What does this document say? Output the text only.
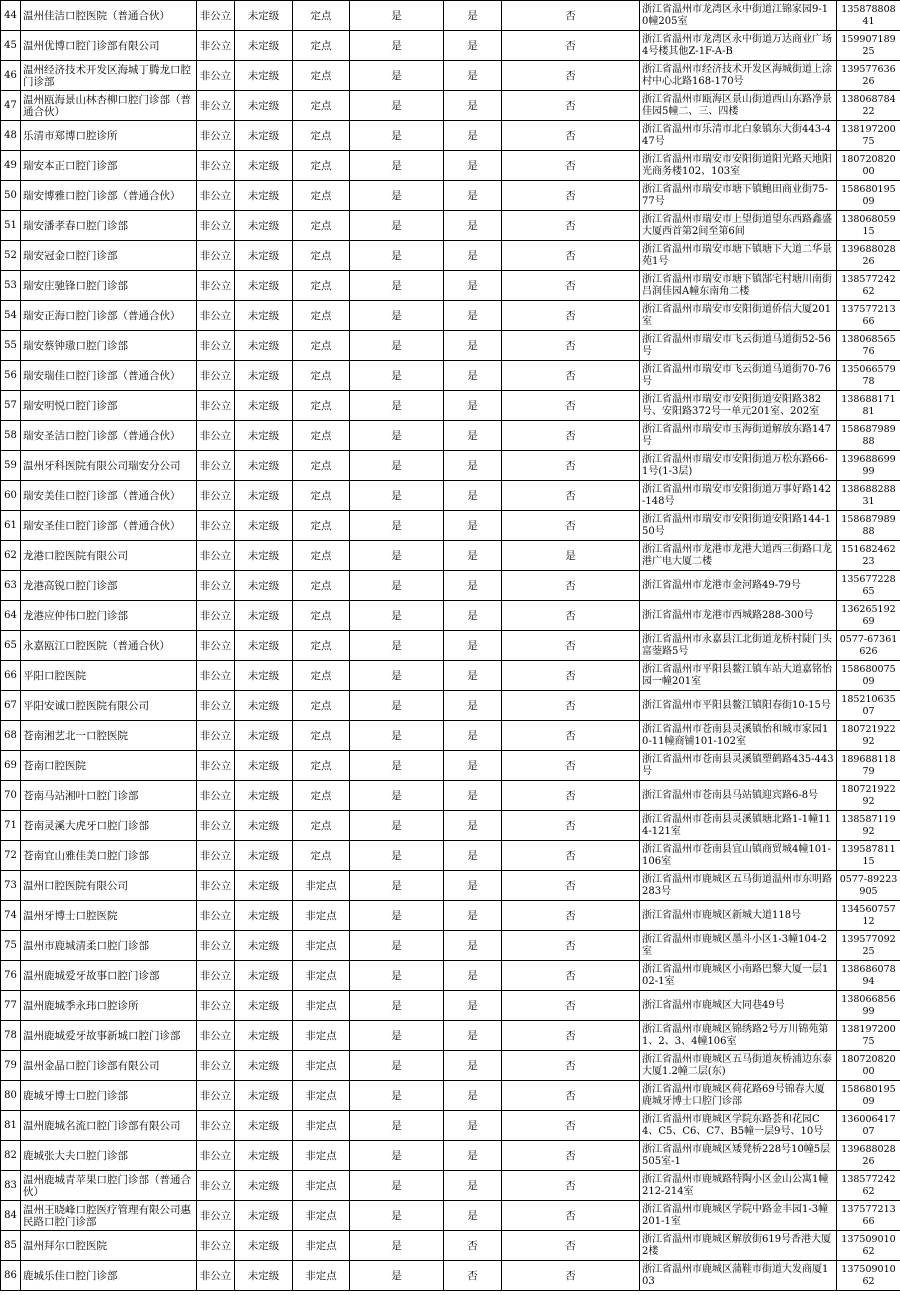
44	温州佳洁口腔医院（普通合伙）	非公立	未定级	定点	是	是	否	浙江省温州市龙湾区永中街道江锦家园9-10幢205室	13587880841
45	温州优博口腔门诊部有限公司	非公立	未定级	定点	是	是	否	浙江省温州市龙湾区永中街道万达商业广场4号楼其他Z-1F-A-B	15990718925
46	温州经济技术开发区海城丁腾龙口腔门诊部	非公立	未定级	定点	是	是	否	浙江省温州市经济技术开发区海城街道上涂村中心北路168-170号	13957763626
47	温州瓯海景山林杏柳口腔门诊部（普通合伙）	非公立	未定级	定点	是	是	否	浙江省温州市瓯海区景山街道西山东路净景佳园5幢二、三、四楼	13806878422
48	乐清市郑博口腔诊所	非公立	未定级	定点	是	是	否	浙江省温州市乐清市北白象镇东大街443-447号	13819720075
49	瑞安本正口腔门诊部	非公立	未定级	定点	是	是	否	浙江省温州市瑞安市安阳街道阳光路天地阳光商务楼102、103室	18072082000
50	瑞安博雅口腔门诊部（普通合伙）	非公立	未定级	定点	是	是	否	浙江省温州市瑞安市塘下镇鲍田商业街75-77号	15868019509
51	瑞安潘孝春口腔门诊部	非公立	未定级	定点	是	是	否	浙江省温州市瑞安市上望街道望东西路鑫盛大厦西首第2间至第6间	13806805915
52	瑞安冠金口腔门诊部	非公立	未定级	定点	是	是	否	浙江省温州市瑞安市塘下镇塘下大道二华景苑1号	13968802826
53	瑞安庄驰锋口腔门诊部	非公立	未定级	定点	是	是	否	浙江省温州市瑞安市塘下镇郜宅村塘川南街吕润佳园A幢东南角二楼	13857724262
54	瑞安正海口腔门诊部（普通合伙）	非公立	未定级	定点	是	是	否	浙江省温州市瑞安市安阳街道侨信大厦201室	13757721366
55	瑞安蔡钟璈口腔门诊部	非公立	未定级	定点	是	是	否	浙江省温州市瑞安市飞云街道马道街52-56号	13806856576
56	瑞安瑞佳口腔门诊部（普通合伙）	非公立	未定级	定点	是	是	否	浙江省温州市瑞安市飞云街道马道街70-76号	13506657978
57	瑞安明悦口腔门诊部	非公立	未定级	定点	是	是	否	浙江省温州市瑞安市安阳街道安阳路382号、安阳路372号一单元201室、202室	13868817181
58	瑞安圣洁口腔门诊部（普通合伙）	非公立	未定级	定点	是	是	否	浙江省温州市瑞安市玉海街道解放东路147号	15868798988
59	温州牙科医院有限公司瑞安分公司	非公立	未定级	定点	是	是	否	浙江省温州市瑞安市安阳街道万松东路66-1号(1-3层)	13968869999
60	瑞安美佳口腔门诊部（普通合伙）	非公立	未定级	定点	是	是	否	浙江省温州市瑞安市安阳街道万事好路142-148号	13868828831
61	瑞安圣佳口腔门诊部（普通合伙）	非公立	未定级	定点	是	是	否	浙江省温州市瑞安市安阳街道安阳路144-150号	15868798988
62	龙港口腔医院有限公司	非公立	未定级	定点	是	是	是	浙江省温州市龙港市龙港大道西三街路口龙港广电大厦二楼	15168246223
63	龙港高锐口腔门诊部	非公立	未定级	定点	是	是	否	浙江省温州市龙港市金河路49-79号	13567722865
64	龙港应仲伟口腔门诊部	非公立	未定级	定点	是	是	否	浙江省温州市龙港市西城路288-300号	13626519269
65	永嘉瓯江口腔医院（普通合伙）	非公立	未定级	定点	是	是	否	浙江省温州市永嘉县江北街道龙桥村陡门头富蓥路5号	0577-67361626
66	平阳口腔医院	非公立	未定级	定点	是	是	否	浙江省温州市平阳县鳌江镇车站大道嘉铭怡园一幢201室	15868007509
67	平阳安诚口腔医院有限公司	非公立	未定级	定点	是	是	否	浙江省温州市平阳县鳌江镇阳春街10-15号	18521063507
68	苍南湘艺北一口腔医院	非公立	未定级	定点	是	是	否	浙江省温州市苍南县灵溪镇怡和城市家园10-11幢商铺101-102室	18072192292
69	苍南口腔医院	非公立	未定级	定点	是	是	否	浙江省温州市苍南县灵溪镇塑鹤路435-443号	18968811879
70	苍南马站湘叶口腔门诊部	非公立	未定级	定点	是	是	否	浙江省温州市苍南县马站镇迎宾路6-8号	18072192292
71	苍南灵溪大虎牙口腔门诊部	非公立	未定级	定点	是	是	否	浙江省温州市苍南县灵溪镇塘北路1-1幢114-121室	13858711992
72	苍南宜山雅佳美口腔门诊部	非公立	未定级	定点	是	是	否	浙江省温州市苍南县宜山镇商贸城4幢101-106室	13958781115
73	温州口腔医院有限公司	非公立	未定级	非定点	是	是	否	浙江省温州市鹿城区五马街道温州市东明路283号	0577-89223905
74	温州牙博士口腔医院	非公立	未定级	非定点	是	是	否	浙江省温州市鹿城区新城大道118号	13456075712
75	温州市鹿城清柔口腔门诊部	非公立	未定级	非定点	是	是	否	浙江省温州市鹿城区墨斗小区1-3幢104-2室	13957709225
76	温州鹿城爱牙故事口腔门诊部	非公立	未定级	非定点	是	是	否	浙江省温州市鹿城区小南路巴黎大厦一层102-1室	13868607894
77	温州鹿城季永玮口腔诊所	非公立	未定级	非定点	是	是	否	浙江省温州市鹿城区大同巷49号	13806685699
78	温州鹿城爱牙故事新城口腔门诊部	非公立	未定级	非定点	是	是	否	浙江省温州市鹿城区锦绣路2号万川锦苑第1、2、3、4幢106室	13819720075
79	温州金晶口腔门诊部有限公司	非公立	未定级	非定点	是	是	否	浙江省温州市鹿城区五马街道灰桥浦边东泰大厦1.2幢二层(东)	18072082000
80	鹿城牙博士口腔门诊部	非公立	未定级	非定点	是	是	否	浙江省温州市鹿城区荷花路69号锦春大厦 鹿城牙博士口腔门诊部	15868019509
81	温州鹿城名流口腔门诊部有限公司	非公立	未定级	非定点	是	是	否	浙江省温州市鹿城区学院东路荟和花园C4、C5、C6、C7、B5幢一层9号、10号	13600641707
82	鹿城张大夫口腔门诊部	非公立	未定级	非定点	是	是	否	浙江省温州市鹿城区矮凳桥228号10幢5层505室-1	13968802826
83	温州鹿城青苹果口腔门诊部（普通合伙）	非公立	未定级	非定点	是	是	否	浙江省温州市鹿城路特陶小区金山公寓1幢212-214室	13857724262
84	温州王晓峰口腔医疗管理有限公司惠民路口腔门诊部	非公立	未定级	非定点	是	是	否	浙江省温州市鹿城区学院中路金丰园1-3幢201-1室	13757721366
85	温州拜尔口腔医院	非公立	未定级	非定点	是	否	否	浙江省温州市鹿城区解放街619号香港大厦2楼	13750901062
86	鹿城乐佳口腔门诊部	非公立	未定级	非定点	是	否	否	浙江省温州市鹿城区蒲鞋市街道大发商厦103	13750901062
